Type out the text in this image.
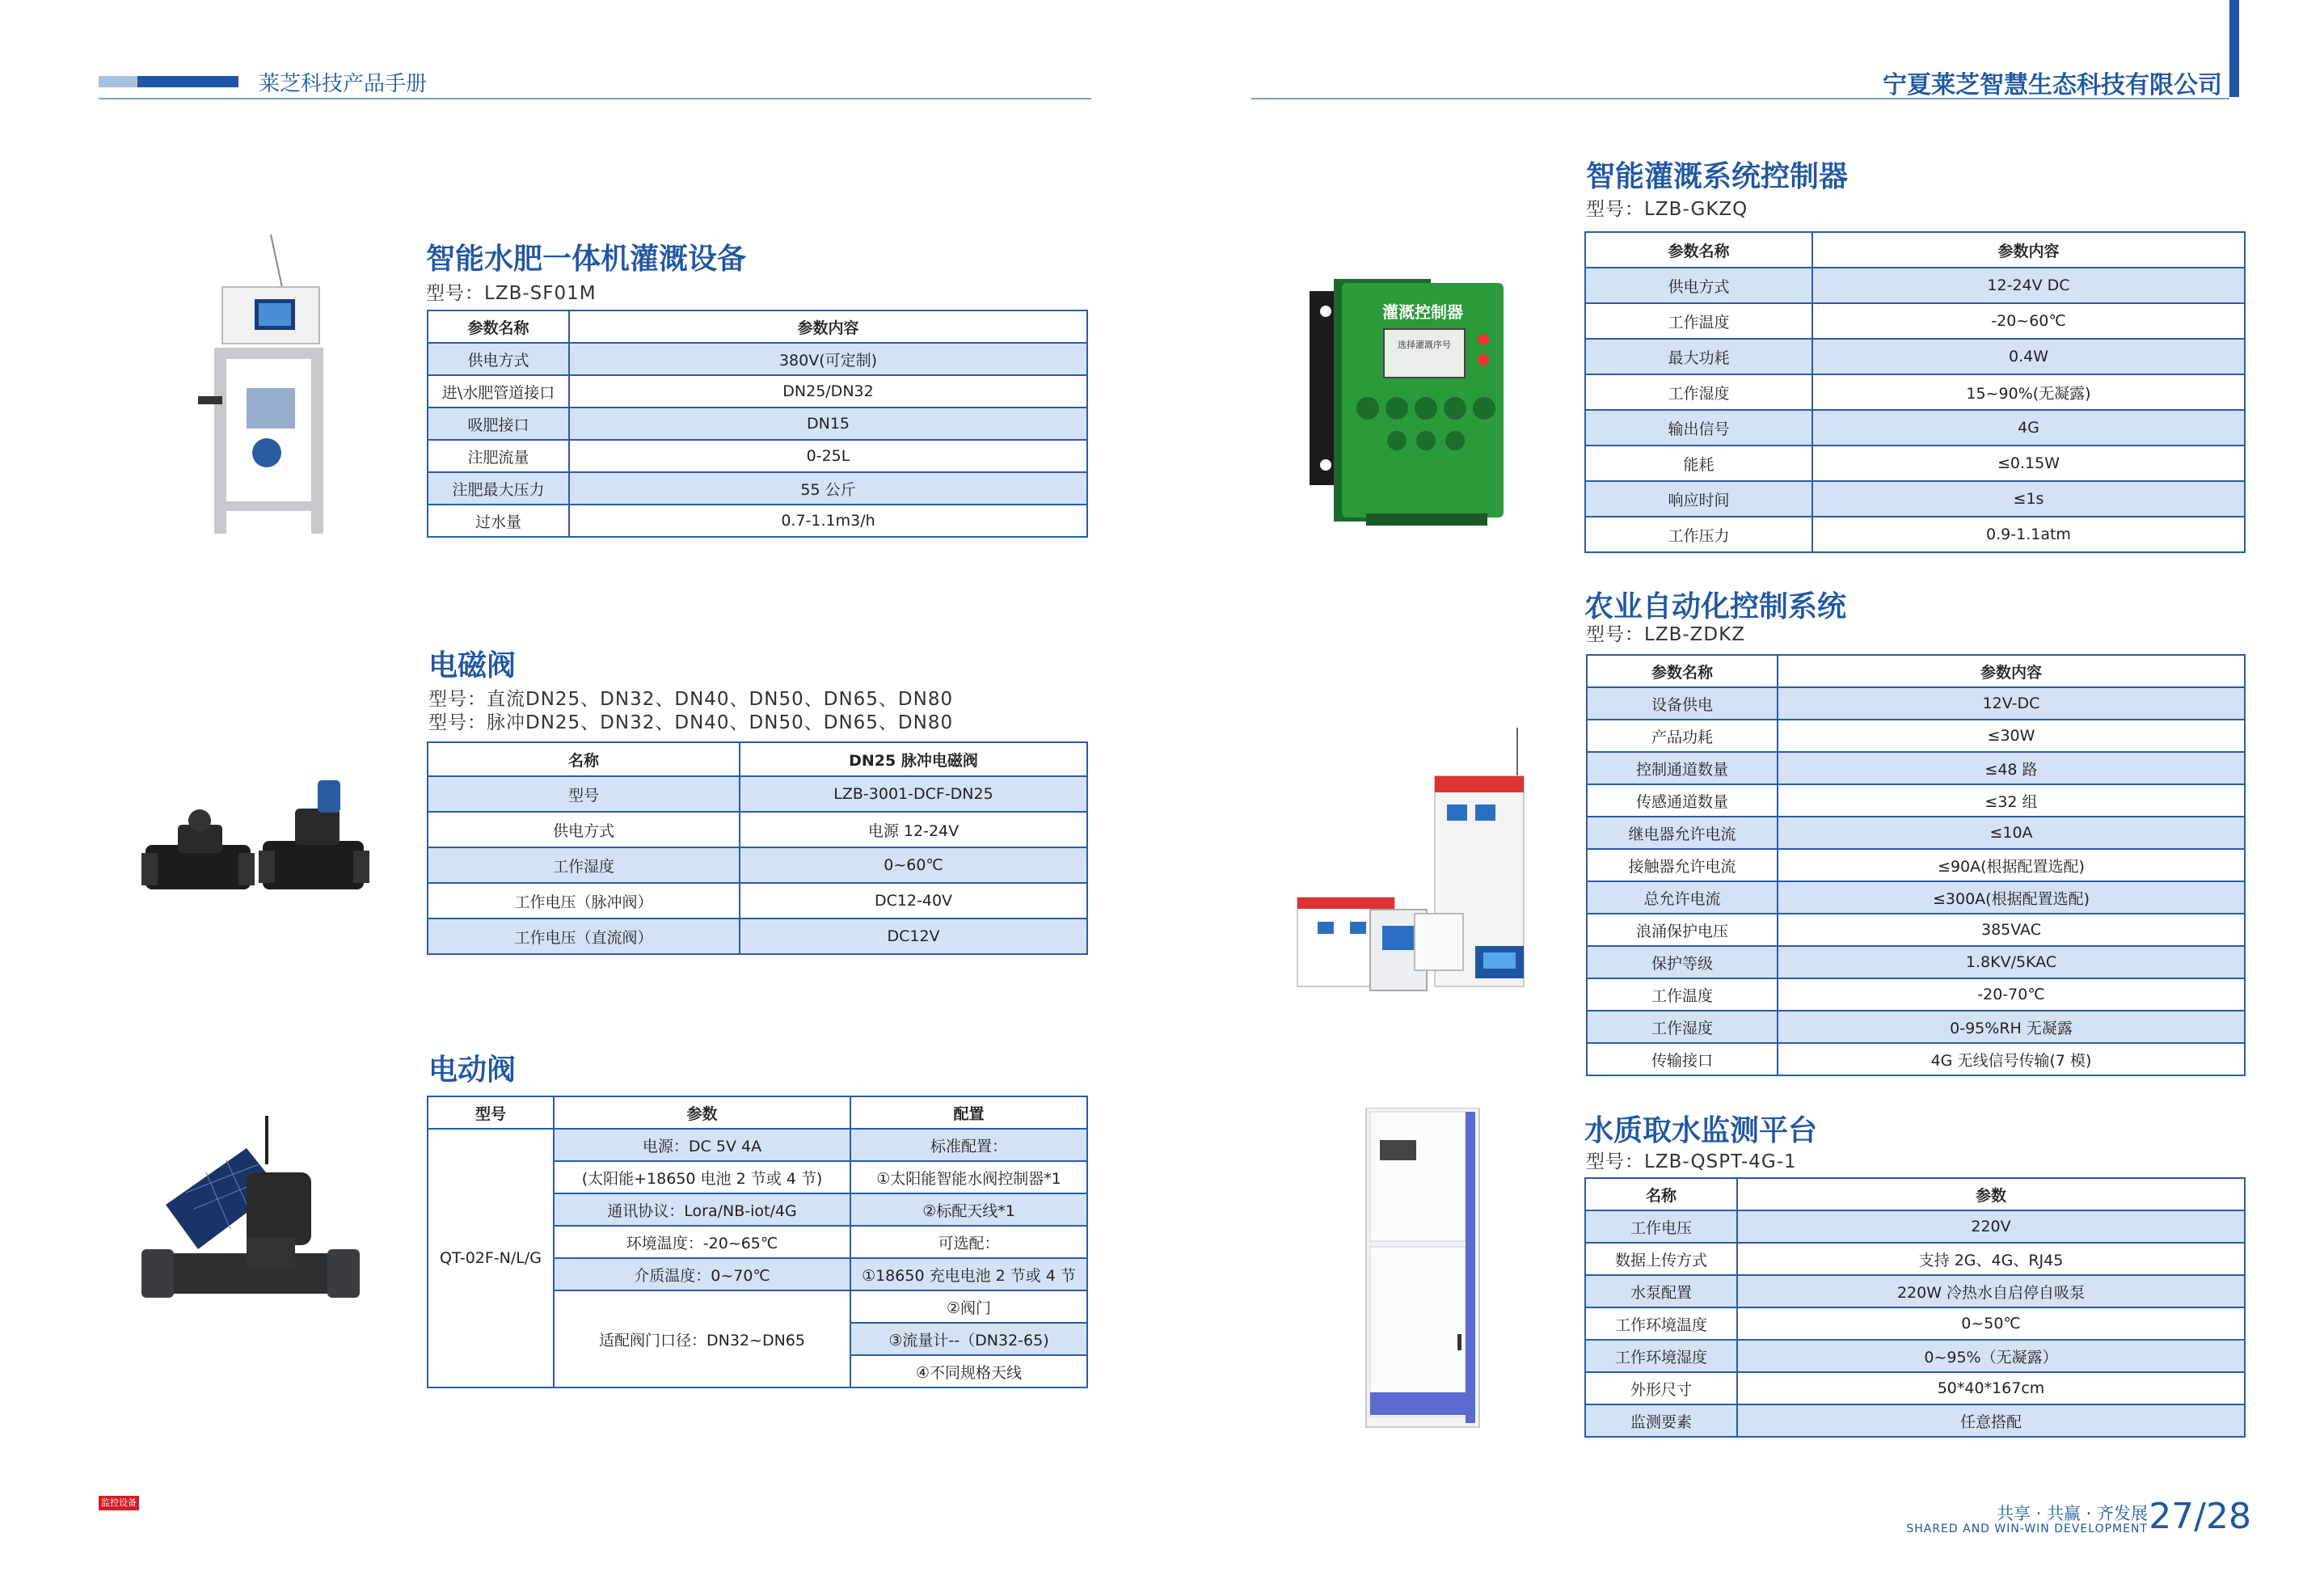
莱芝科技产品手册	宁夏莱芝智慧生态科技有限公司
智能水肥一体机灌溉设备
型号：LZB-SF01M
参数名称	参数内容
供电方式	380V(可定制)
进\水肥管道接口	DN25/DN32
吸肥接口	DN15
注肥流量	0-25L
注肥最大压力	55 公斤
过水量	0.7-1.1m3/h
电磁阀
型号：直流DN25、DN32、DN40、DN50、DN65、DN80
型号：脉冲DN25、DN32、DN40、DN50、DN65、DN80
名称	DN25 脉冲电磁阀
型号	LZB-3001-DCF-DN25
供电方式	电源 12-24V
工作湿度	0~60℃
工作电压（脉冲阀）	DC12-40V
工作电压（直流阀）	DC12V
电动阀
型号	参数	配置
QT-02F-N/L/G	电源：DC 5V 4A	标准配置：
	(太阳能+18650 电池 2 节或 4 节)	①太阳能智能水阀控制器*1
	通讯协议：Lora/NB-iot/4G	②标配天线*1
	环境温度：-20~65℃	可选配：
	介质温度：0~70℃	①18650 充电电池 2 节或 4 节
	适配阀门口径：DN32~DN65	②阀门
		③流量计--（DN32-65)
		④不同规格天线
监控设备
灌溉控制器
选择灌溉序号
智能灌溉系统控制器
型号：LZB-GKZQ
参数名称	参数内容
供电方式	12-24V DC
工作温度	-20~60℃
最大功耗	0.4W
工作湿度	15~90%(无凝露)
输出信号	4G
能耗	≤0.15W
响应时间	≤1s
工作压力	0.9-1.1atm
农业自动化控制系统
型号：LZB-ZDKZ
参数名称	参数内容
设备供电	12V-DC
产品功耗	≤30W
控制通道数量	≤48 路
传感通道数量	≤32 组
继电器允许电流	≤10A
接触器允许电流	≤90A(根据配置选配)
总允许电流	≤300A(根据配置选配)
浪涌保护电压	385VAC
保护等级	1.8KV/5KAC
工作温度	-20-70℃
工作湿度	0-95%RH 无凝露
传输接口	4G 无线信号传输(7 模)
水质取水监测平台
型号：LZB-QSPT-4G-1
名称	参数
工作电压	220V
数据上传方式	支持 2G、4G、RJ45
水泵配置	220W 冷热水自启停自吸泵
工作环境温度	0~50℃
工作环境湿度	0~95%（无凝露）
外形尺寸	50*40*167cm
监测要素	任意搭配
共享 · 共赢 · 齐发展
SHARED AND WIN-WIN DEVELOPMENT 27/28
